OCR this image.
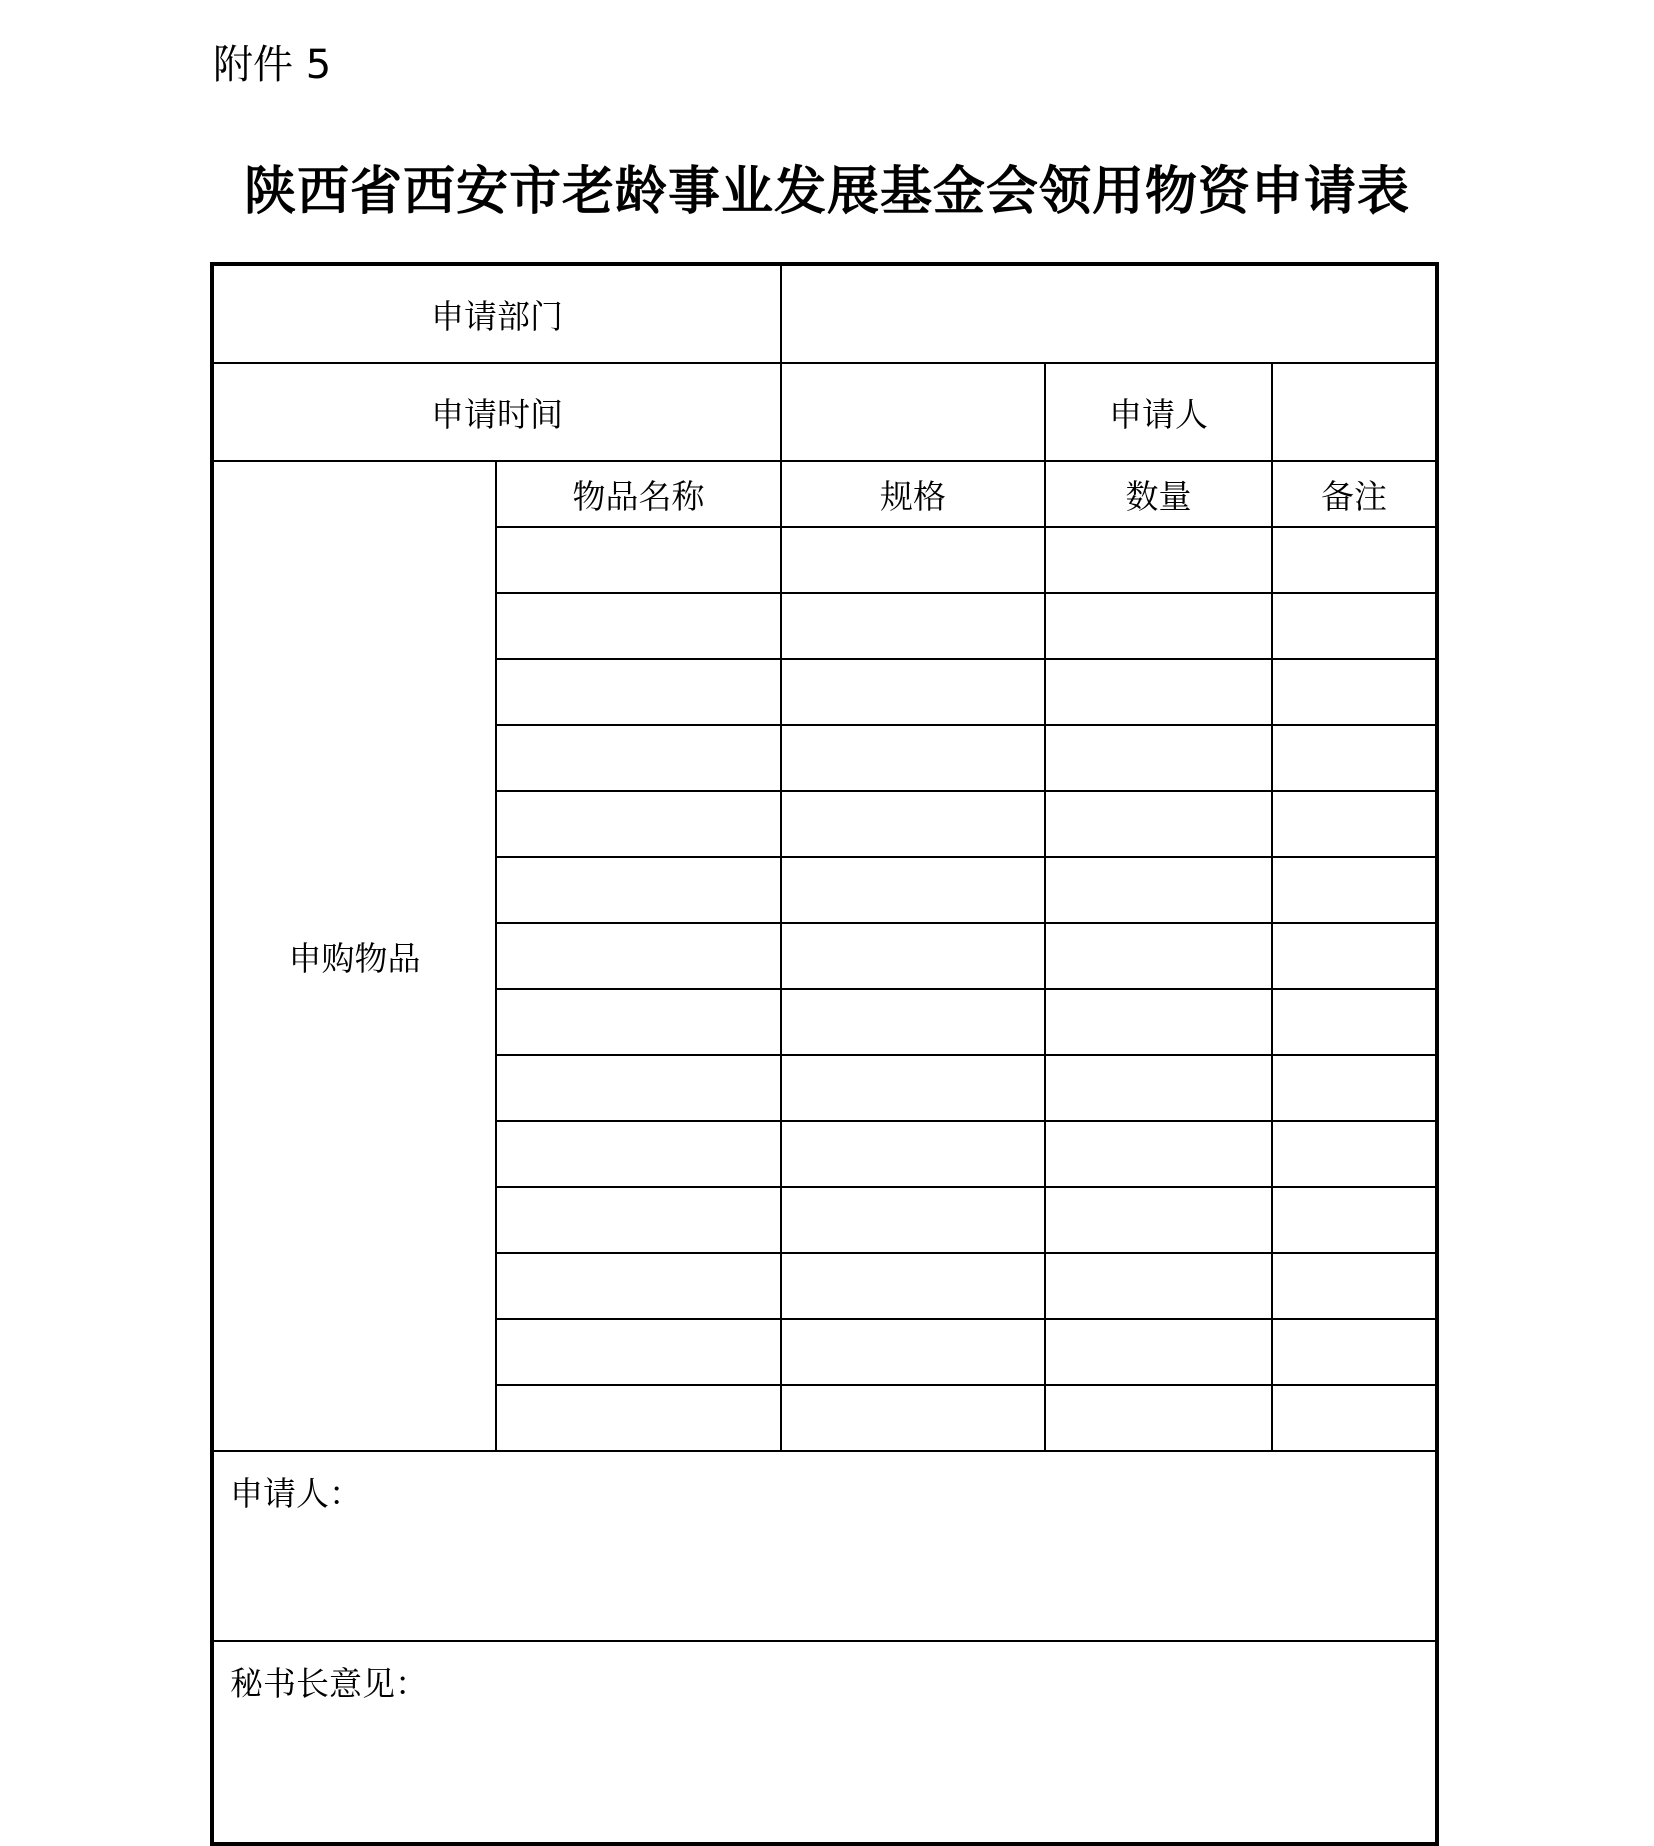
附件 5
陕西省西安市老龄事业发展基金会领用物资申请表
申请部门				
申请时间			申请人	
申购物品	物品名称	规格	数量	备注

申请人：				
秘书长意见：				
